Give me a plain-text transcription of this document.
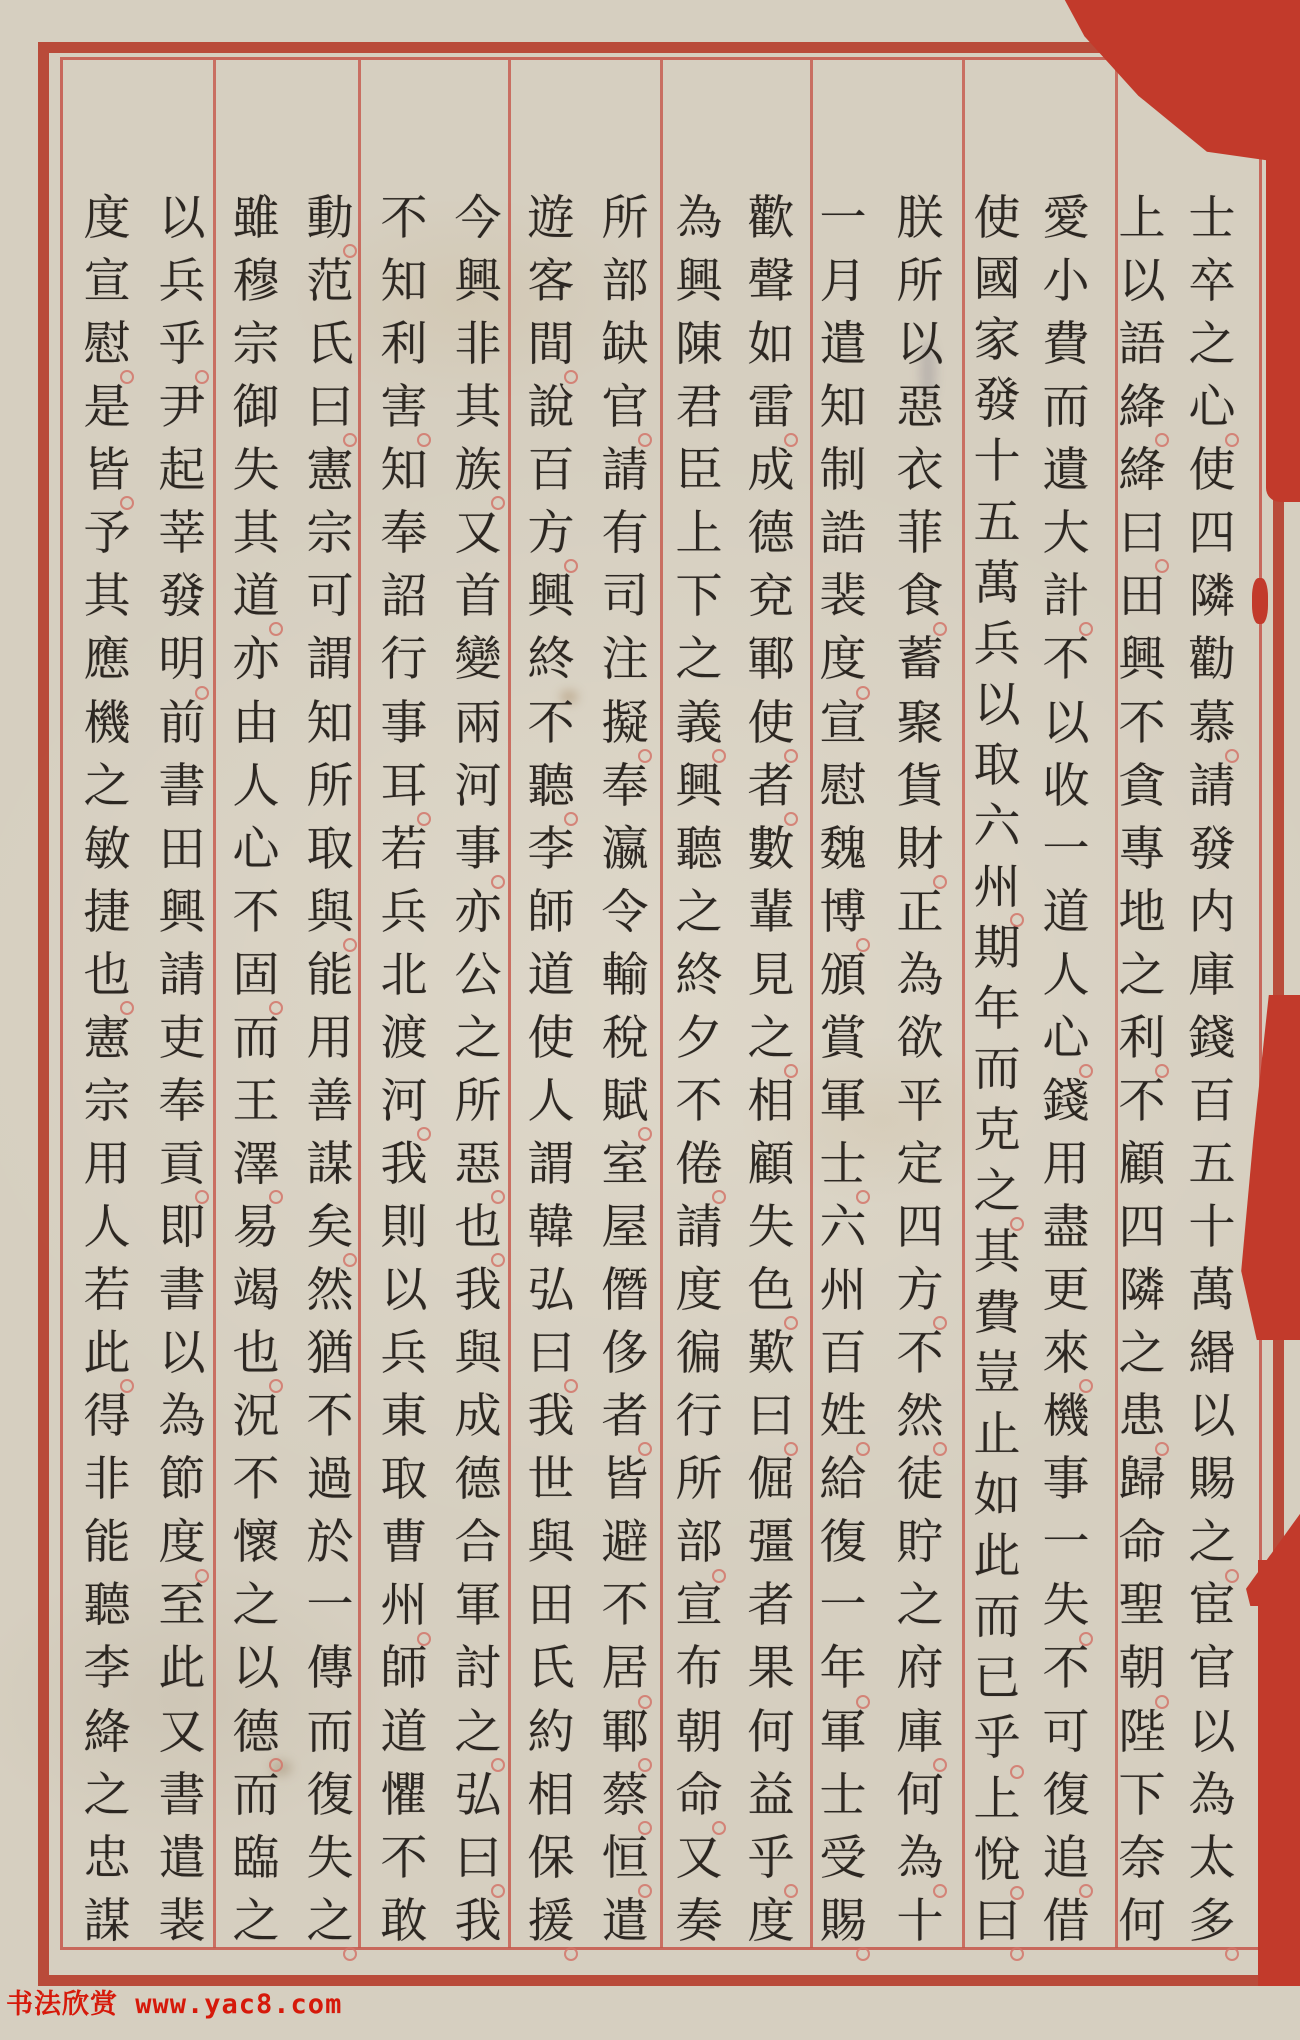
士
卒
之
心
使
四
隣
勸
慕
請
發
内
庫
錢
百
五
十
萬
緡
以
賜
之
宦
官
以
為
太
多
上
以
語
絳
絳
曰
田
興
不
貪
專
地
之
利
不
顧
四
隣
之
患
歸
命
聖
朝
陛
下
奈
何
愛
小
費
而
遺
大
計
不
以
收
一
道
人
心
錢
用
盡
更
來
機
事
一
失
不
可
復
追
借
使
國
家
發
十
五
萬
兵
以
取
六
州
期
年
而
克
之
其
費
豈
止
如
此
而
已
乎
上
悅
曰
朕
所
以
惡
衣
菲
食
蓄
聚
貨
財
正
為
欲
平
定
四
方
不
然
徒
貯
之
府
庫
何
為
十
一
月
遣
知
制
誥
裴
度
宣
慰
魏
博
頒
賞
軍
士
六
州
百
姓
給
復
一
年
軍
士
受
賜
歡
聲
如
雷
成
德
兗
鄆
使
者
數
輩
見
之
相
顧
失
色
歎
曰
倔
彊
者
果
何
益
乎
度
為
興
陳
君
臣
上
下
之
義
興
聽
之
終
夕
不
倦
請
度
徧
行
所
部
宣
布
朝
命
又
奏
所
部
缺
官
請
有
司
注
擬
奉
瀛
令
輸
稅
賦
室
屋
僭
侈
者
皆
避
不
居
鄆
蔡
恒
遣
遊
客
間
說
百
方
興
終
不
聽
李
師
道
使
人
謂
韓
弘
曰
我
世
與
田
氏
約
相
保
援
今
興
非
其
族
又
首
變
兩
河
事
亦
公
之
所
惡
也
我
與
成
德
合
軍
討
之
弘
曰
我
不
知
利
害
知
奉
詔
行
事
耳
若
兵
北
渡
河
我
則
以
兵
東
取
曹
州
師
道
懼
不
敢
動
范
氏
曰
憲
宗
可
謂
知
所
取
與
能
用
善
謀
矣
然
猶
不
過
於
一
傳
而
復
失
之
雖
穆
宗
御
失
其
道
亦
由
人
心
不
固
而
王
澤
易
竭
也
況
不
懷
之
以
德
而
臨
之
以
兵
乎
尹
起
莘
發
明
前
書
田
興
請
吏
奉
貢
即
書
以
為
節
度
至
此
又
書
遣
裴
度
宣
慰
是
皆
予
其
應
機
之
敏
捷
也
憲
宗
用
人
若
此
得
非
能
聽
李
絳
之
忠
謀
书法欣赏 www.yac8.com
